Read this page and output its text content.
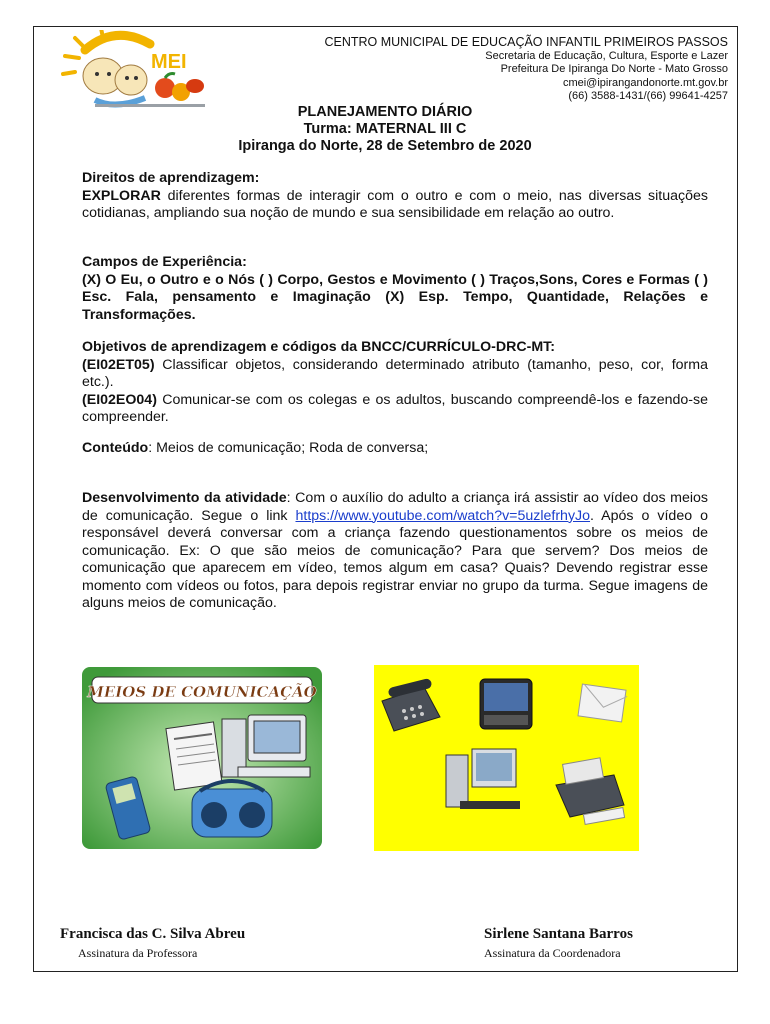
MEI
CENTRO MUNICIPAL DE EDUCAÇÃO INFANTIL PRIMEIROS PASSOS
Secretaria de Educação, Cultura, Esporte e Lazer
Prefeitura De Ipiranga Do Norte - Mato Grosso
cmei@ipirangandonorte.mt.gov.br
(66) 3588-1431/(66) 99641-4257
PLANEJAMENTO DIÁRIO
Turma: MATERNAL III C
Ipiranga do Norte, 28 de Setembro de 2020
Direitos de aprendizagem:
EXPLORAR diferentes formas de interagir com o outro e com o meio, nas diversas situações cotidianas, ampliando sua noção de mundo e sua sensibilidade em relação ao outro.
Campos de Experiência:
(X) O Eu, o Outro e o Nós ( ) Corpo, Gestos e Movimento ( ) Traços,Sons, Cores e Formas ( ) Esc. Fala, pensamento e Imaginação (X) Esp. Tempo, Quantidade, Relações e Transformações.
Objetivos de aprendizagem e códigos da BNCC/CURRÍCULO-DRC-MT:
(EI02ET05) Classificar objetos, considerando determinado atributo (tamanho, peso, cor, forma etc.).
(EI02EO04) Comunicar-se com os colegas e os adultos, buscando compreendê-los e fazendo-se compreender.
Conteúdo: Meios de comunicação; Roda de conversa;
Desenvolvimento da atividade: Com o auxílio do adulto a criança irá assistir ao vídeo dos meios de comunicação. Segue o link https://www.youtube.com/watch?v=5uzlefrhyJo. Após o vídeo o responsável deverá conversar com a criança fazendo questionamentos sobre os meios de comunicação. Ex: O que são meios de comunicação? Para que servem? Dos meios de comunicação que aparecem em vídeo, temos algum em casa? Quais? Devendo registrar esse momento com vídeos ou fotos, para depois registrar enviar no grupo da turma. Segue imagens de alguns meios de comunicação.
MEIOS DE COMUNICAÇÃO
Francisca das C. Silva Abreu
Assinatura da Professora
Sirlene Santana Barros
Assinatura da Coordenadora
